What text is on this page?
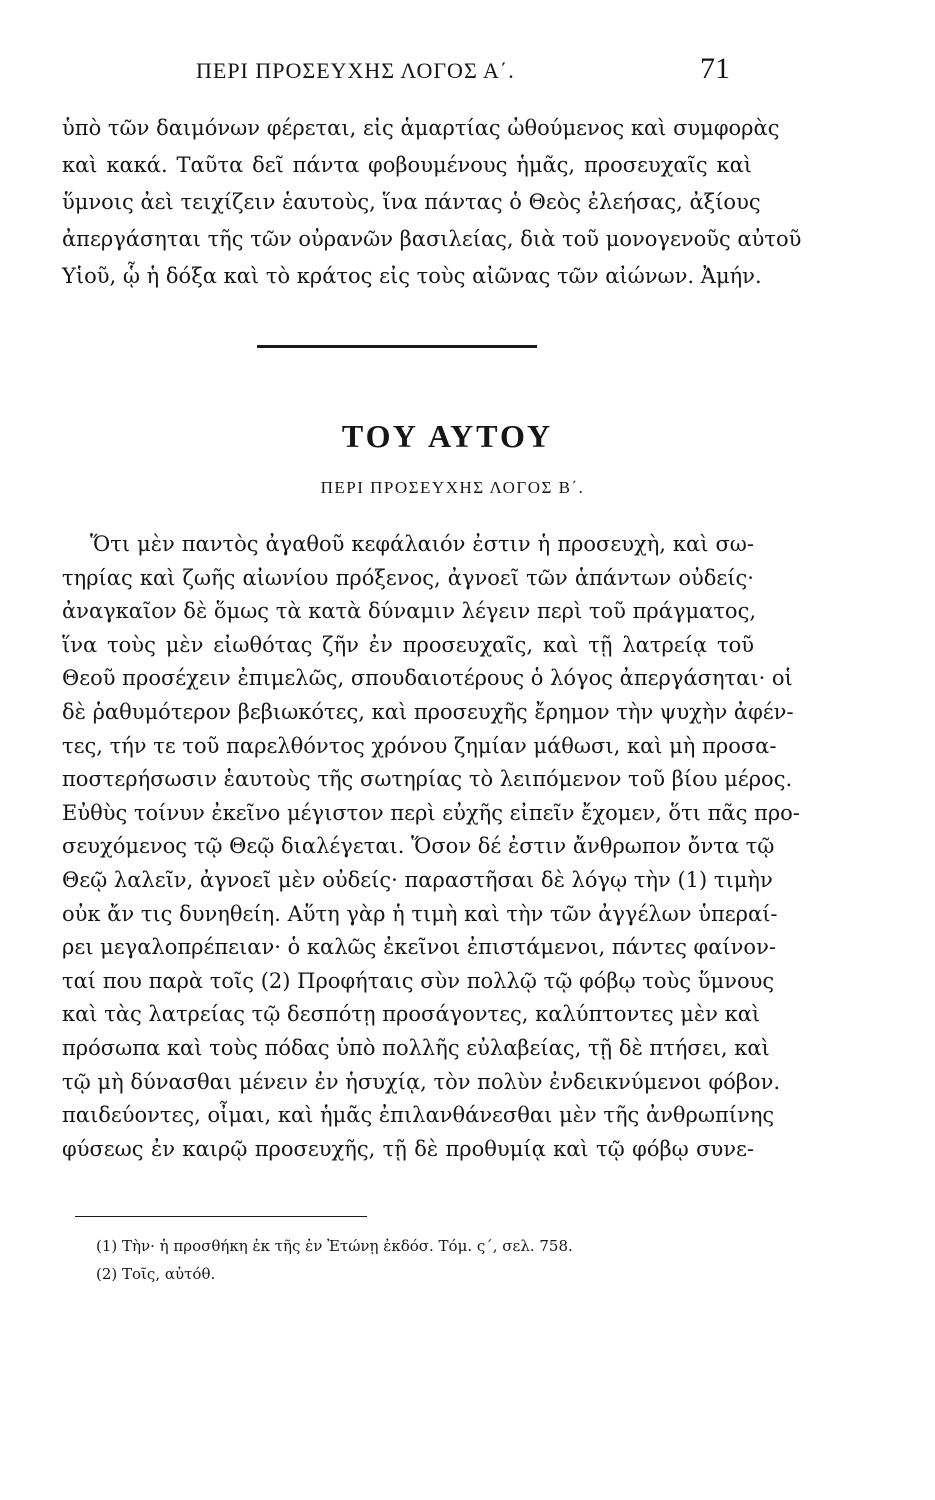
ΠΕΡΙ ΠΡΟΣΕΥΧΗΣ ΛΟΓΟΣ Α΄.	71
ὑπὸ τῶν δαιμόνων φέρεται, εἰς ἁμαρτίας ὠθούμενος καὶ συμφορὰς
καὶ κακά. Ταῦτα δεῖ πάντα φοβουμένους ἡμᾶς, προσευχαῖς καὶ
ὕμνοις ἀεὶ τειχίζειν ἑαυτοὺς, ἵνα πάντας ὁ Θεὸς ἐλεήσας, ἀξίους
ἀπεργάσηται τῆς τῶν οὐρανῶν βασιλείας, διὰ τοῦ μονογενοῦς αὐτοῦ
Υἱοῦ, ᾧ ἡ δόξα καὶ τὸ κράτος εἰς τοὺς αἰῶνας τῶν αἰώνων. Ἀμήν.
ΤΟΥ ΑΥΤΟΥ
ΠΕΡΙ ΠΡΟΣΕΥΧΗΣ ΛΟΓΟΣ Β΄.
Ὅτι μὲν παντὸς ἀγαθοῦ κεφάλαιόν ἐστιν ἡ προσευχὴ, καὶ σω-
τηρίας καὶ ζωῆς αἰωνίου πρόξενος, ἀγνοεῖ τῶν ἁπάντων οὐδείς·
ἀναγκαῖον δὲ ὅμως τὰ κατὰ δύναμιν λέγειν περὶ τοῦ πράγματος,
ἵνα τοὺς μὲν εἰωθότας ζῆν ἐν προσευχαῖς, καὶ τῇ λατρείᾳ τοῦ
Θεοῦ προσέχειν ἐπιμελῶς, σπουδαιοτέρους ὁ λόγος ἀπεργάσηται· οἱ
δὲ ῥαθυμότερον βεβιωκότες, καὶ προσευχῆς ἔρημον τὴν ψυχὴν ἀφέν-
τες, τήν τε τοῦ παρελθόντος χρόνου ζημίαν μάθωσι, καὶ μὴ προσα-
ποστερήσωσιν ἑαυτοὺς τῆς σωτηρίας τὸ λειπόμενον τοῦ βίου μέρος.
Εὐθὺς τοίνυν ἐκεῖνο μέγιστον περὶ εὐχῆς εἰπεῖν ἔχομεν, ὅτι πᾶς προ-
σευχόμενος τῷ Θεῷ διαλέγεται. Ὅσον δέ ἐστιν ἄνθρωπον ὄντα τῷ
Θεῷ λαλεῖν, ἀγνοεῖ μὲν οὐδείς· παραστῆσαι δὲ λόγῳ τὴν (1) τιμὴν
οὐκ ἄν τις δυνηθείη. Αὕτη γὰρ ἡ τιμὴ καὶ τὴν τῶν ἀγγέλων ὑπεραί-
ρει μεγαλοπρέπειαν· ὁ καλῶς ἐκεῖνοι ἐπιστάμενοι, πάντες φαίνον-
ταί που παρὰ τοῖς (2) Προφήταις σὺν πολλῷ τῷ φόβῳ τοὺς ὕμνους
καὶ τὰς λατρείας τῷ δεσπότῃ προσάγοντες, καλύπτοντες μὲν καὶ
πρόσωπα καὶ τοὺς πόδας ὑπὸ πολλῆς εὐλαβείας, τῇ δὲ πτήσει, καὶ
τῷ μὴ δύνασθαι μένειν ἐν ἡσυχίᾳ, τὸν πολὺν ἐνδεικνύμενοι φόβον.
παιδεύοντες, οἶμαι, καὶ ἡμᾶς ἐπιλανθάνεσθαι μὲν τῆς ἀνθρωπίνης
φύσεως ἐν καιρῷ προσευχῆς, τῇ δὲ προθυμίᾳ καὶ τῷ φόβῳ συνε-
(1) Τὴν· ἡ προσθήκη ἐκ τῆς ἐν Ἐτώνῃ ἐκδόσ. Τόμ. ς΄, σελ. 758.
(2) Τοῖς, αὐτόθ.
